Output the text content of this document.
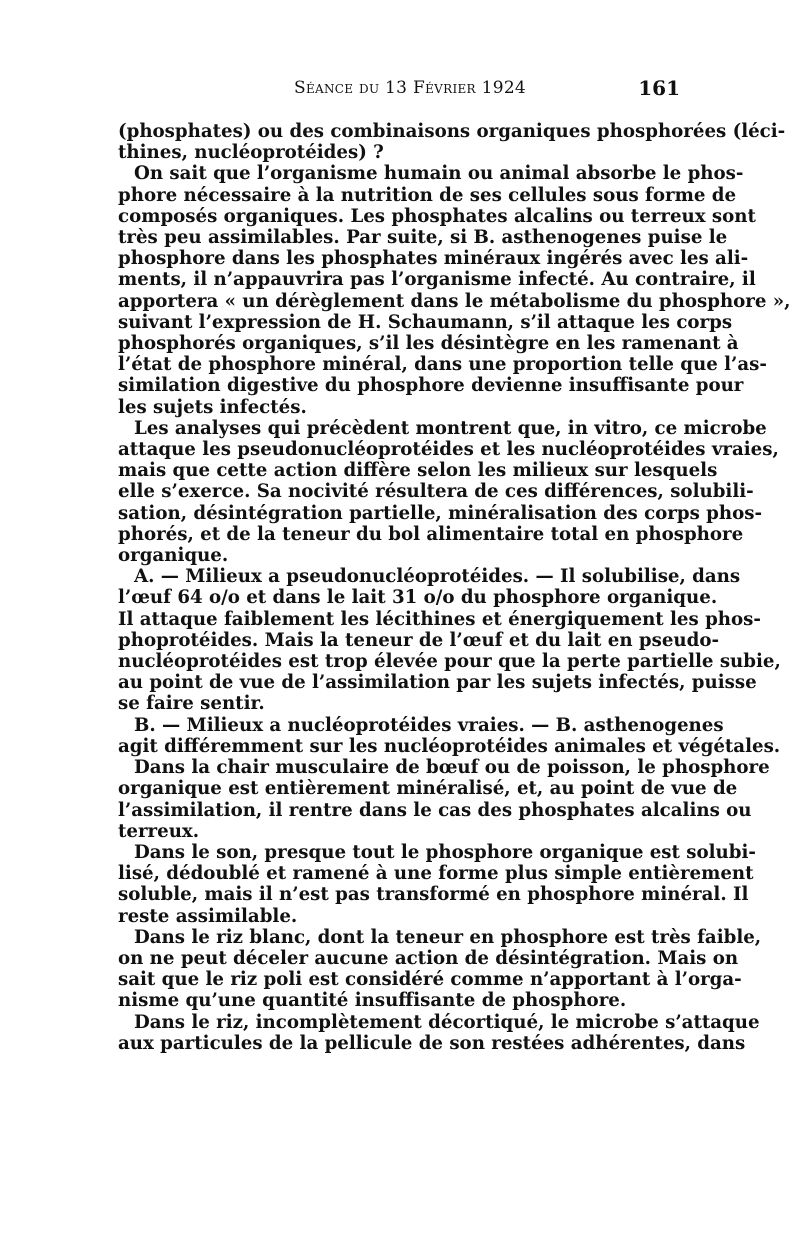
Séance du 13 Février 1924	161

(phosphates) ou des combinaisons organiques phosphorées (léci-
thines, nucléoprotéides) ?

On sait que l’organisme humain ou animal absorbe le phos-
phore nécessaire à la nutrition de ses cellules sous forme de
composés organiques. Les phosphates alcalins ou terreux sont
très peu assimilables. Par suite, si B. asthenogenes puise le
phosphore dans les phosphates minéraux ingérés avec les ali-
ments, il n’appauvrira pas l’organisme infecté. Au contraire, il
apportera « un dérèglement dans le métabolisme du phosphore »,
suivant l’expression de H. Schaumann, s’il attaque les corps
phosphorés organiques, s’il les désintègre en les ramenant à
l’état de phosphore minéral, dans une proportion telle que l’as-
similation digestive du phosphore devienne insuffisante pour
les sujets infectés.

Les analyses qui précèdent montrent que, in vitro, ce microbe
attaque les pseudonucléoprotéides et les nucléoprotéides vraies,
mais que cette action diffère selon les milieux sur lesquels
elle s’exerce. Sa nocivité résultera de ces différences, solubili-
sation, désintégration partielle, minéralisation des corps phos-
phorés, et de la teneur du bol alimentaire total en phosphore
organique.

A. — Milieux a pseudonucléoprotéides. — Il solubilise, dans
l’œuf 64 o/o et dans le lait 31 o/o du phosphore organique.
Il attaque faiblement les lécithines et énergiquement les phos-
phoprotéides. Mais la teneur de l’œuf et du lait en pseudo-
nucléoprotéides est trop élevée pour que la perte partielle subie,
au point de vue de l’assimilation par les sujets infectés, puisse
se faire sentir.

B. — Milieux a nucléoprotéides vraies. — B. asthenogenes
agit différemment sur les nucléoprotéides animales et végétales.

Dans la chair musculaire de bœuf ou de poisson, le phosphore
organique est entièrement minéralisé, et, au point de vue de
l’assimilation, il rentre dans le cas des phosphates alcalins ou
terreux.

Dans le son, presque tout le phosphore organique est solubi-
lisé, dédoublé et ramené à une forme plus simple entièrement
soluble, mais il n’est pas transformé en phosphore minéral. Il
reste assimilable.

Dans le riz blanc, dont la teneur en phosphore est très faible,
on ne peut déceler aucune action de désintégration. Mais on
sait que le riz poli est considéré comme n’apportant à l’orga-
nisme qu’une quantité insuffisante de phosphore.

Dans le riz, incomplètement décortiqué, le microbe s’attaque
aux particules de la pellicule de son restées adhérentes, dans
